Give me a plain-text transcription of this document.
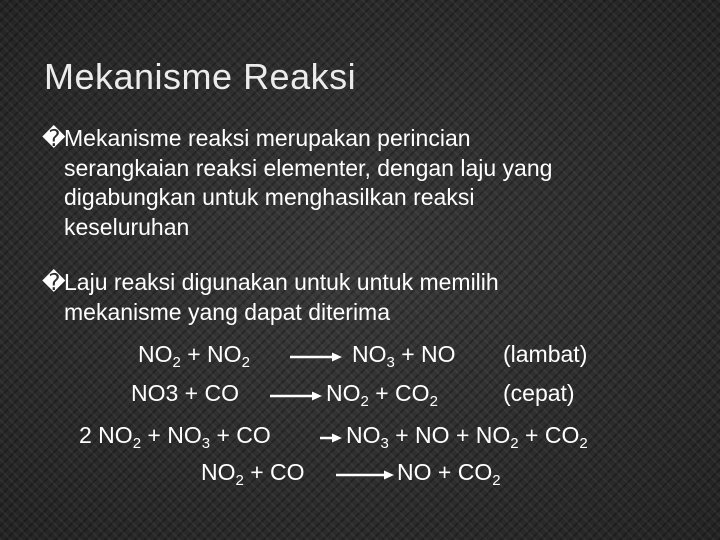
Mekanisme Reaksi
�Mekanisme reaksi merupakan perincian
serangkaian reaksi elementer, dengan laju yang
digabungkan untuk menghasilkan reaksi
keseluruhan
�Laju reaksi digunakan untuk untuk memilih
mekanisme yang dapat diterima
$NO_2 + NO_2 \to NO_3$ + NO (lambat)
NO3 + CO → $NO_2 + CO_2$	(cepat)
2 $NO_2 + NO_3$ + CO → $NO_3$ + NO + $NO_2 + CO_2$
$NO_2$ + CO → NO + $CO_2$
